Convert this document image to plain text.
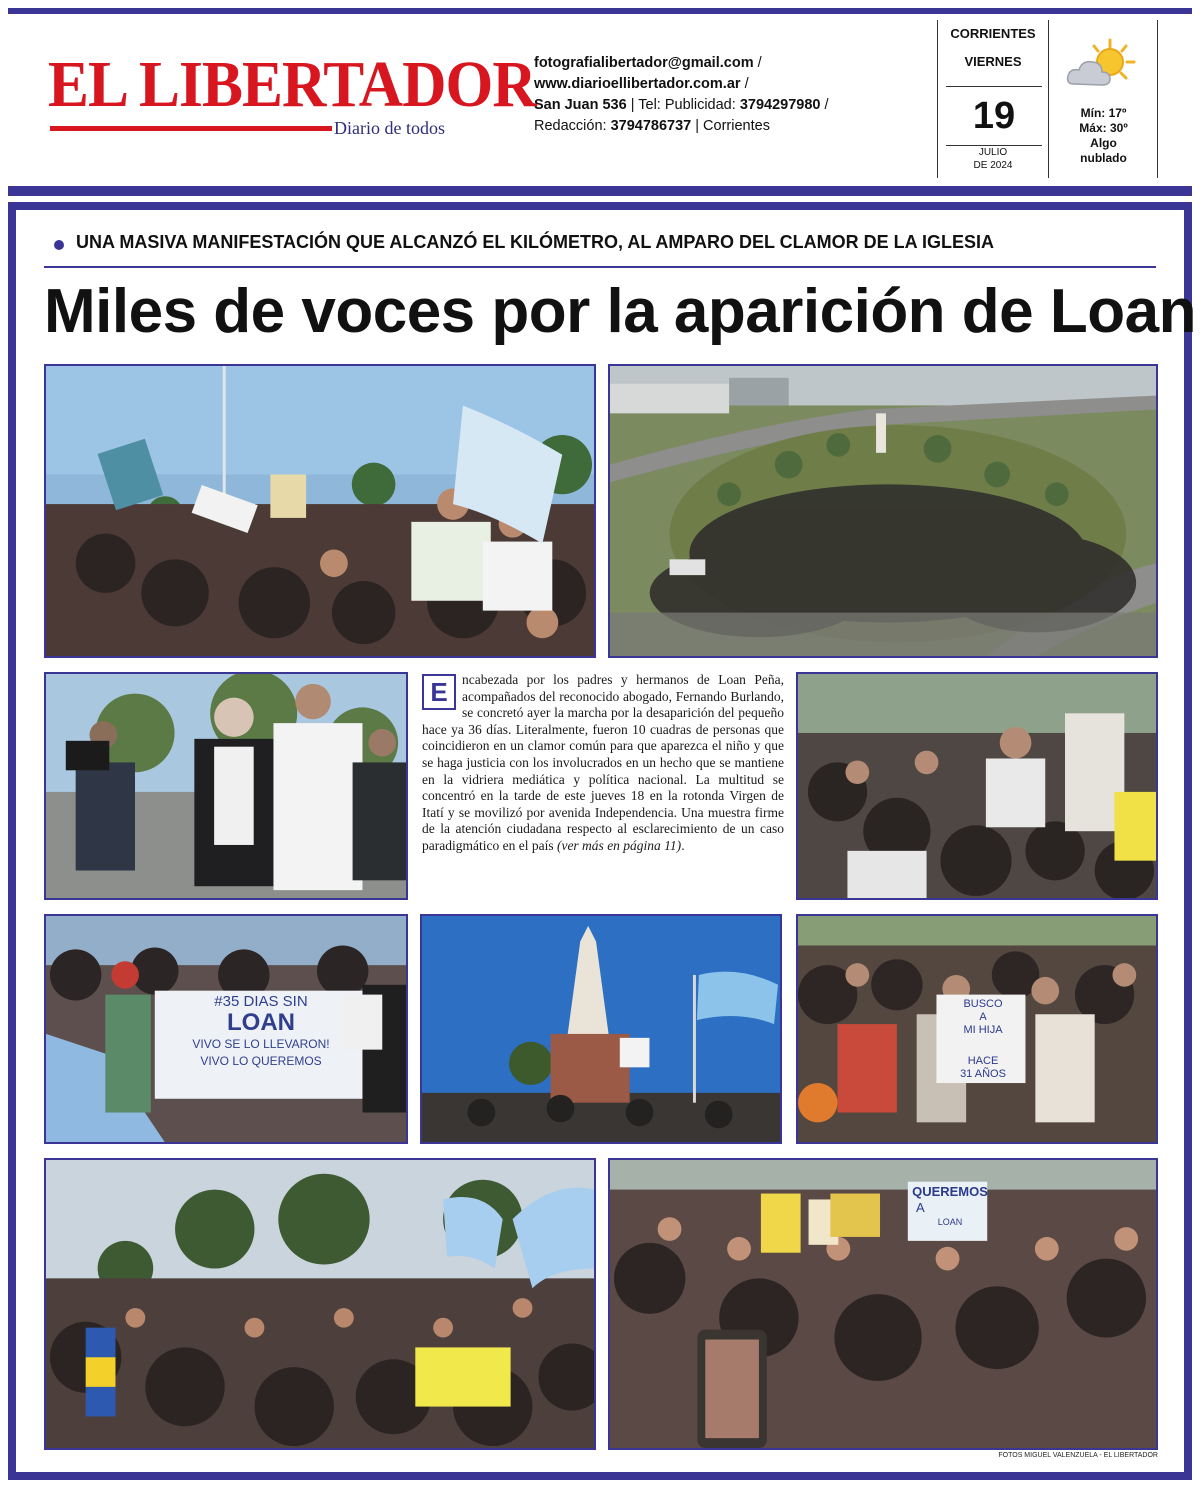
EL LIBERTADOR
Diario de todos
fotografialibertador@gmail.com /
www.diarioellibertador.com.ar /
San Juan 536 | Tel: Publicidad: 3794297980 /
Redacción: 3794786737 | Corrientes
CORRIENTES
VIERNES
19
JULIO
DE 2024
Mín: 17º
Máx: 30º
Algo
nublado
UNA MASIVA MANIFESTACIÓN QUE ALCANZÓ EL KILÓMETRO, AL AMPARO DEL CLAMOR DE LA IGLESIA
Miles de voces por la aparición de Loan
E	ncabezada por los padres y hermanos de Loan Peña, acompañados del reconocido abogado, Fernando Burlando, se concretó ayer la marcha por la desaparición del pequeño hace ya 36 días. Literalmente, fueron 10 cuadras de personas que coincidieron en un clamor común para que aparezca el niño y que se haga justicia con los involucrados en un hecho que se mantiene en la vidriera mediática y política nacional. La multitud se concentró en la tarde de este jueves 18 en la rotonda Virgen de Itatí y se movilizó por avenida Independencia. Una muestra firme de la atención ciudadana respecto al esclarecimiento de un caso paradigmático en el país (ver más en página 11).
#35 DIAS SIN
LOAN
VIVO SE LO LLEVARON!
VIVO LO QUEREMOS
BUSCO
A
MI HIJA
HACE
31 AÑOS
QUEREMOS
A
LOAN
FOTOS MIGUEL VALENZUELA - EL LIBERTADOR
